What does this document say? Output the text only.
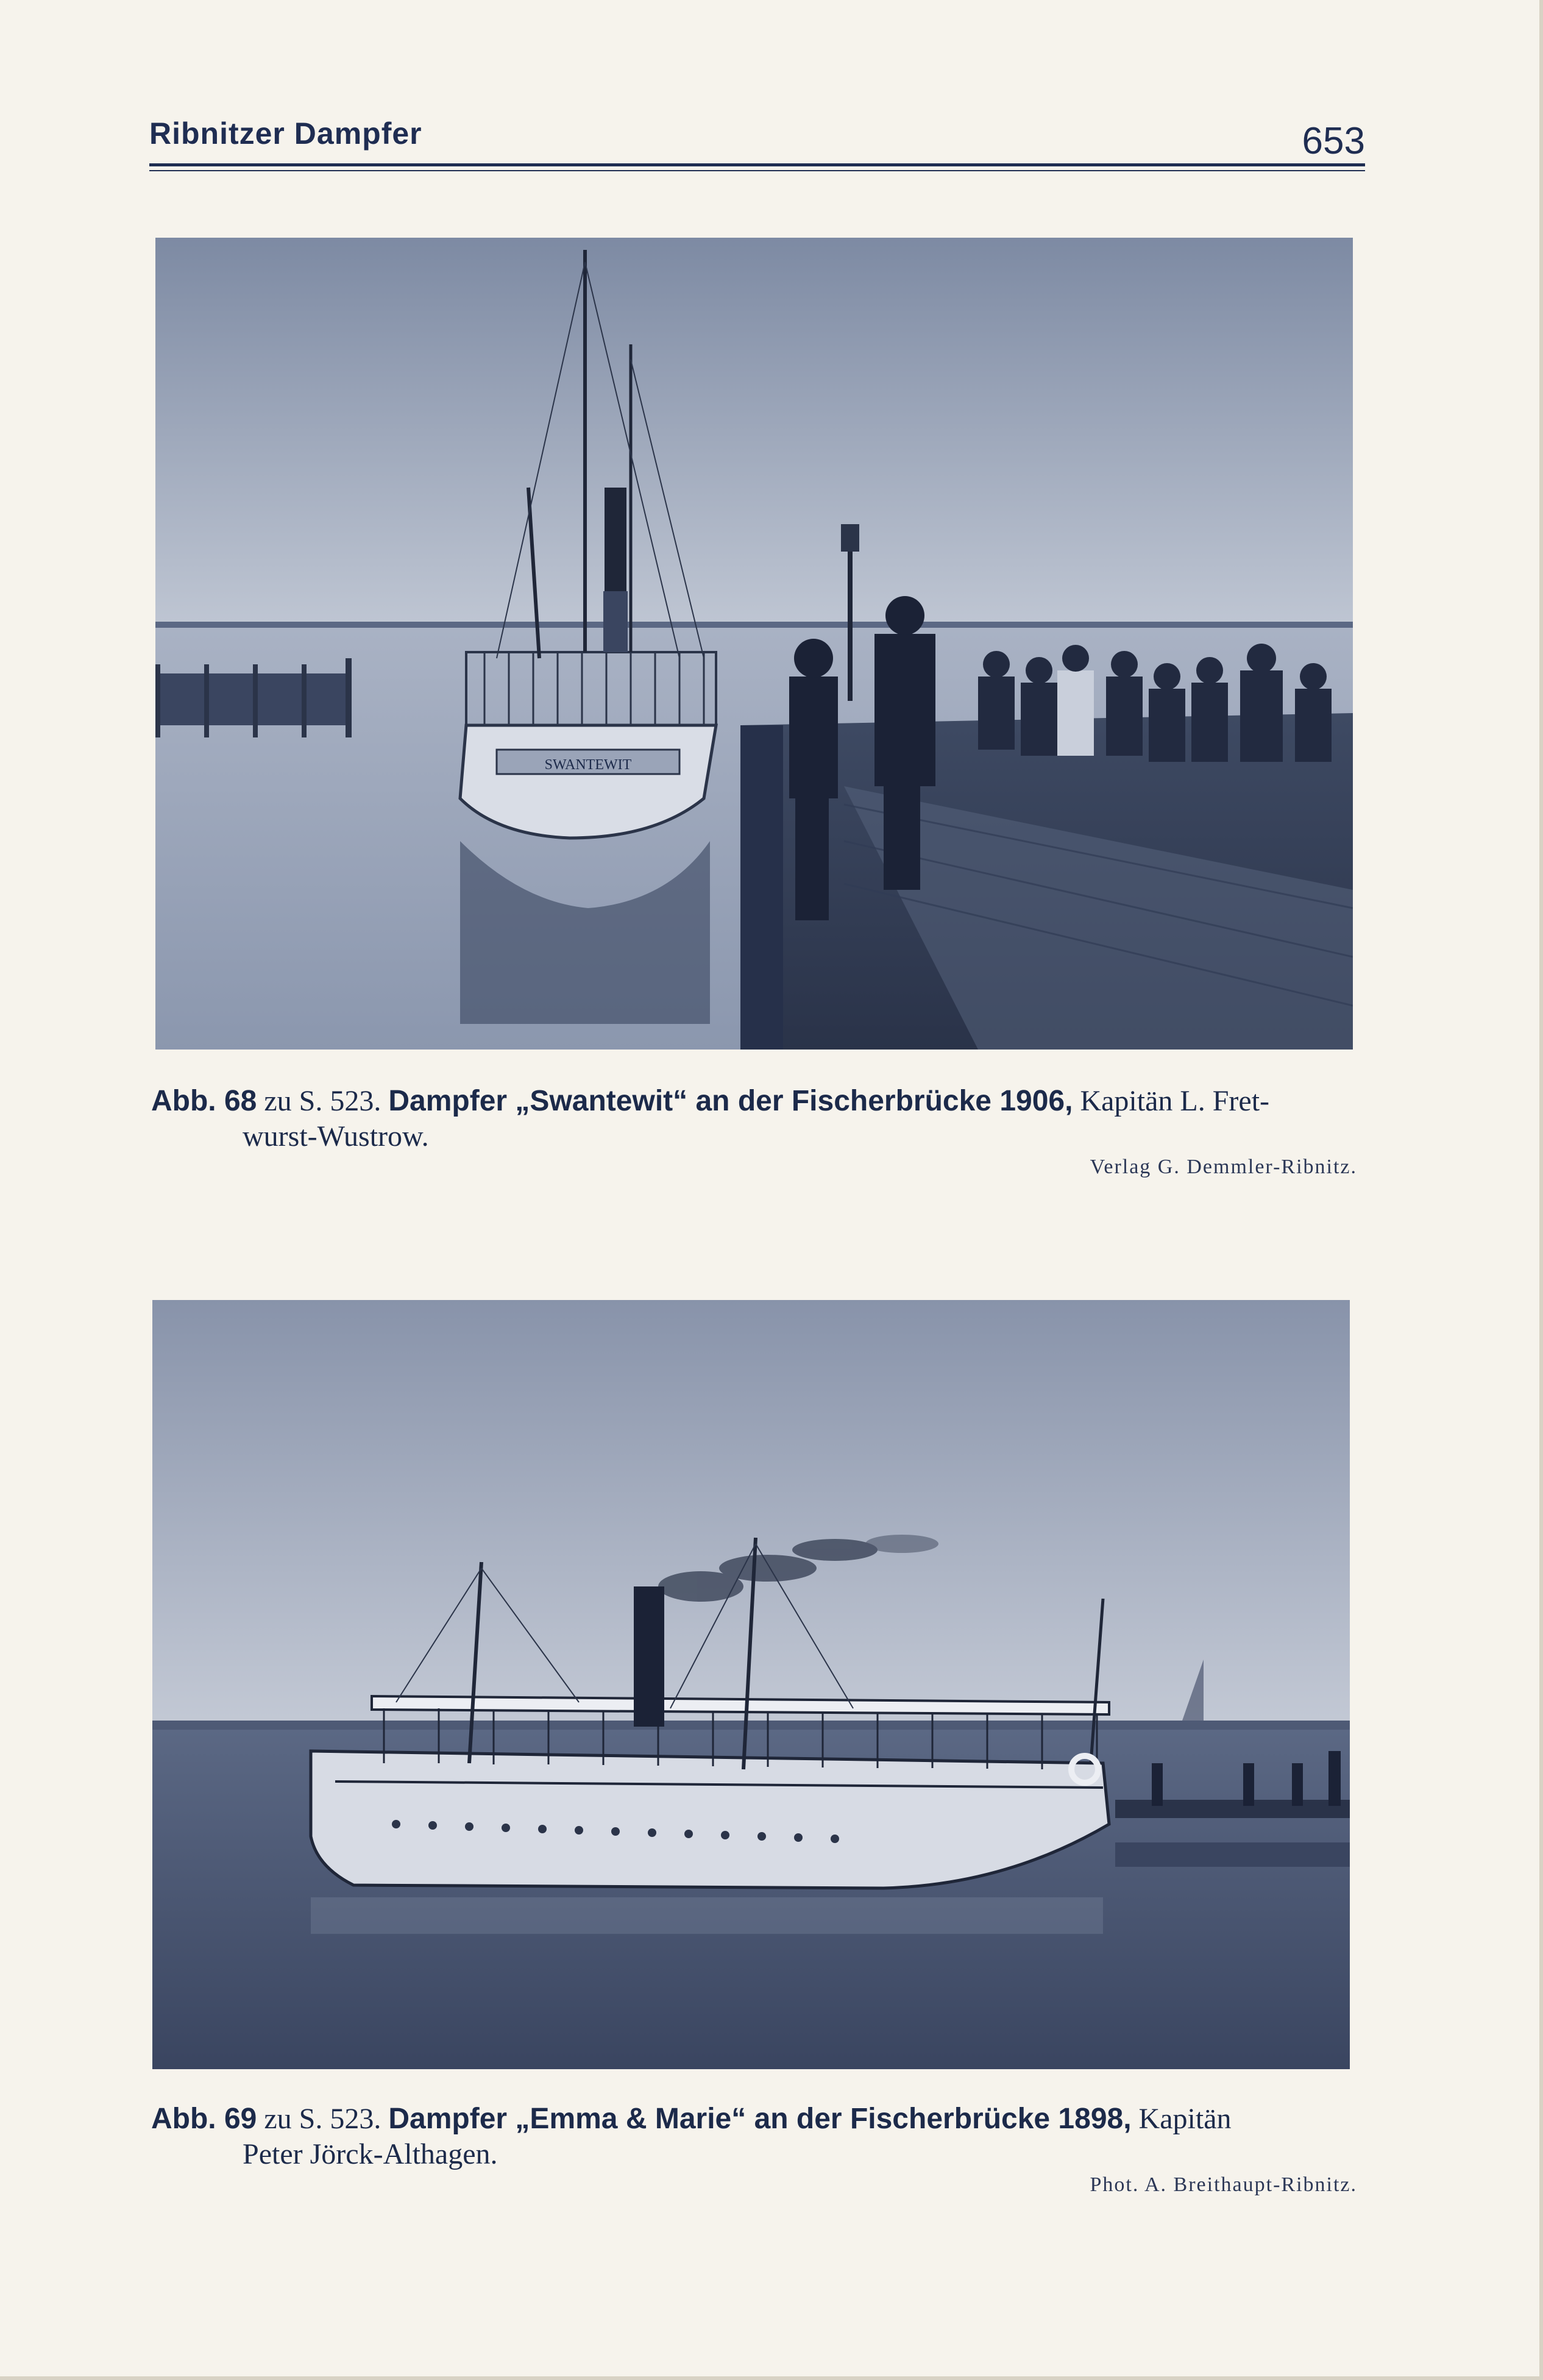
Ribnitzer Dampfer	653
SWANTEWIT
Abb. 68 zu S. 523. Dampfer „Swantewit“ an der Fischerbrücke 1906, Kapitän L. Fret-
wurst-Wustrow.
Verlag G. Demmler-Ribnitz.
Abb. 69 zu S. 523. Dampfer „Emma & Marie“ an der Fischerbrücke 1898, Kapitän
Peter Jörck-Althagen.
Phot. A. Breithaupt-Ribnitz.
